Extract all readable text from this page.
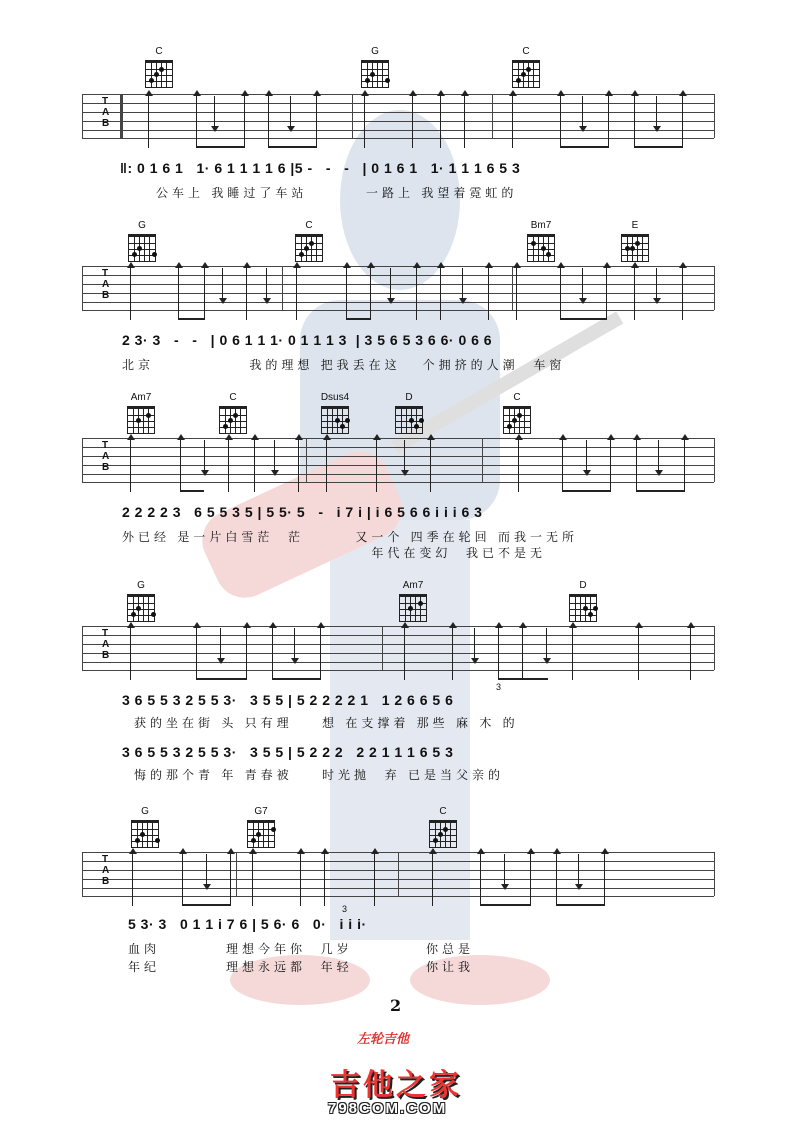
C	G	C
T
A
B
‖: 0 1 6 1   1· 6 1 1 1 1 6 |5 -   -   -   | 0 1 6 1   1· 1 1 1 6 5 3
公车上 我睡过了车站        一路上 我望着霓虹的
G	C	Bm7	E
T
A
B
2 3· 3   -   -   | 0 6 1 1 1· 0 1 1 1 3  | 3 5 6 5 3 6 6· 0 6 6
北京             我的理想 把我丢在这   个拥挤的人潮  车窗
Am7	C	Dsus4	D	C
T
A
B
2 2 2 2 3   6 5 5 3 5 | 5 5· 5   -   i 7 i | i 6 5 6 6 i i i 6 3
外已经 是一片白雪茫  茫       又一个 四季在轮回 而我一无所
年代在变幻  我已不是无
G	Am7	D
T
A
B
3 6 5 5 3 2 5 5 3·   3 5 5 | 5 2 2 2 2 1   1 2 6 6 5 6
3
获的坐在街 头 只有理    想 在支撑着 那些 麻 木 的
3 6 5 5 3 2 5 5 3·   3 5 5 | 5 2 2 2   2 2 1 1 1 6 5 3
悔的那个青 年 青春被    时光抛  弃 已是当父亲的
G	G7	C
T
A
B
5 3· 3   0 1 1 i 7 6 | 5 6· 6   0·   i i i·
3
血肉         理想今年你  几岁          你总是
年纪         理想永远都  年轻          你让我
2
左轮吉他
吉他之家
798COM.COM
